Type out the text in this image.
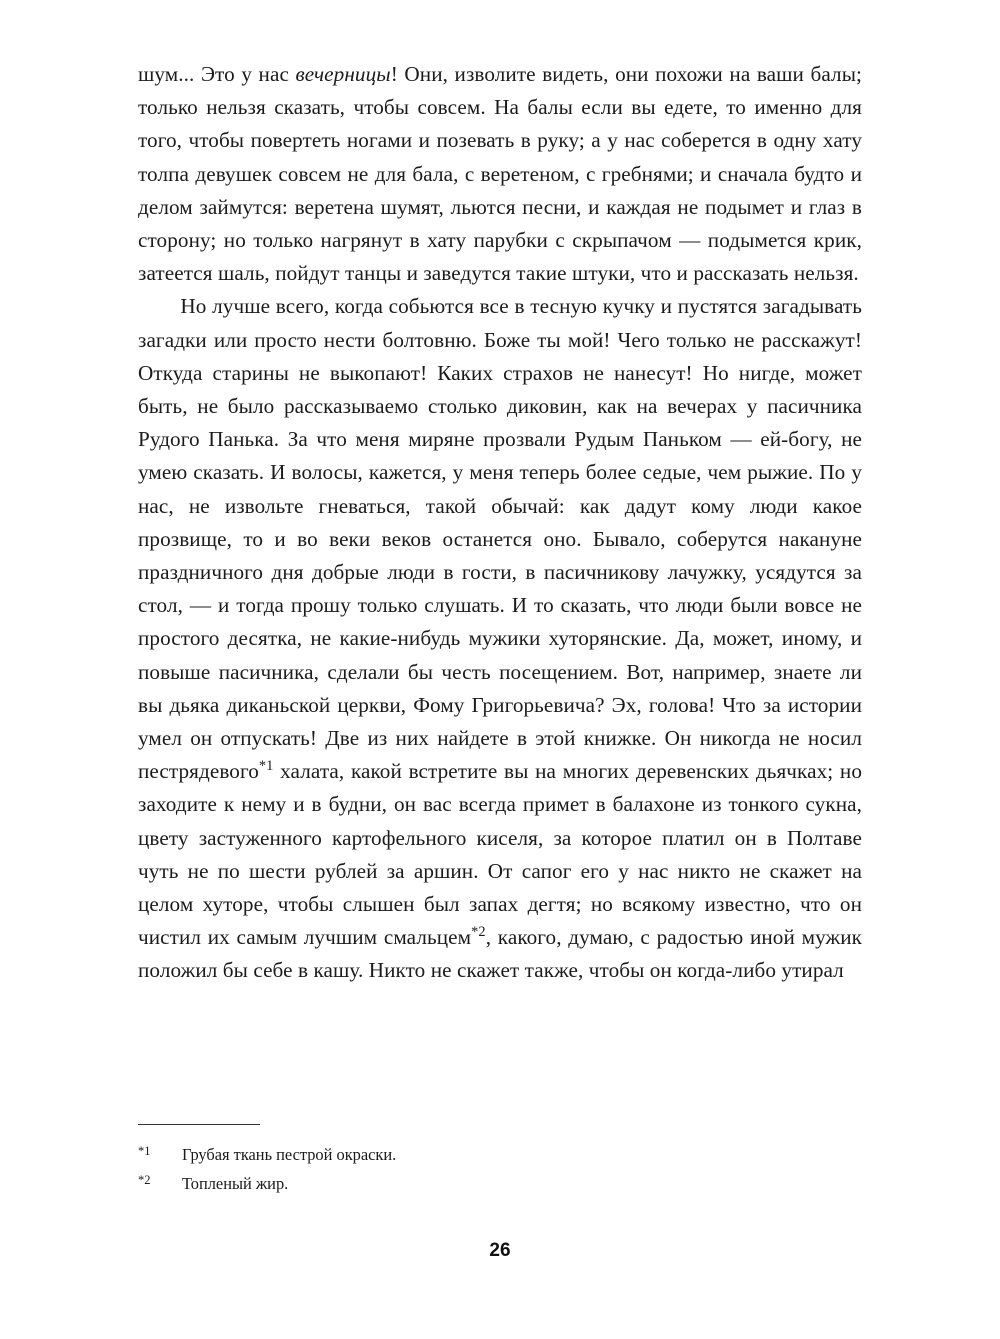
шум... Это у нас вечерницы! Они, изволите видеть, они похожи на ваши балы; только нельзя сказать, чтобы совсем. На балы если вы едете, то именно для того, чтобы повертеть ногами и позевать в руку; а у нас соберется в одну хату толпа девушек совсем не для бала, с веретеном, с гребнями; и сначала будто и делом займутся: веретена шумят, льются песни, и каждая не подымет и глаз в сторону; но только нагрянут в хату парубки с скрыпачом — подымется крик, затеется шаль, пойдут танцы и заведутся такие штуки, что и рассказать нельзя.

Но лучше всего, когда собьются все в тесную кучку и пустятся загадывать загадки или просто нести болтовню. Боже ты мой! Чего только не расскажут! Откуда старины не выкопают! Каких страхов не нанесут! Но нигде, может быть, не было рассказываемо столько диковин, как на вечерах у пасичника Рудого Панька. За что меня миряне прозвали Рудым Паньком — ей-богу, не умею сказать. И волосы, кажется, у меня теперь более седые, чем рыжие. По у нас, не извольте гневаться, такой обычай: как дадут кому люди какое прозвище, то и во веки веков останется оно. Бывало, соберутся накануне праздничного дня добрые люди в гости, в пасичникову лачужку, усядутся за стол, — и тогда прошу только слушать. И то сказать, что люди были вовсе не простого десятка, не какие-нибудь мужики хуторянские. Да, может, иному, и повыше пасичника, сделали бы честь посещением. Вот, например, знаете ли вы дьяка диканьской церкви, Фому Григорьевича? Эх, голова! Что за истории умел он отпускать! Две из них найдете в этой книжке. Он никогда не носил пестрядевого$^{*1}$ халата, какой встретите вы на многих деревенских дьячках; но заходите к нему и в будни, он вас всегда примет в балахоне из тонкого сукна, цвету застуженного картофельного киселя, за которое платил он в Полтаве чуть не по шести рублей за аршин. От сапог его у нас никто не скажет на целом хуторе, чтобы слышен был запах дегтя; но всякому известно, что он чистил их самым лучшим смальцем$^{*2}$, какого, думаю, с радостью иной мужик положил бы себе в кашу. Никто не скажет также, чтобы он когда-либо утирал

*1	Грубая ткань пестрой окраски.
*2	Топленый жир.
26
